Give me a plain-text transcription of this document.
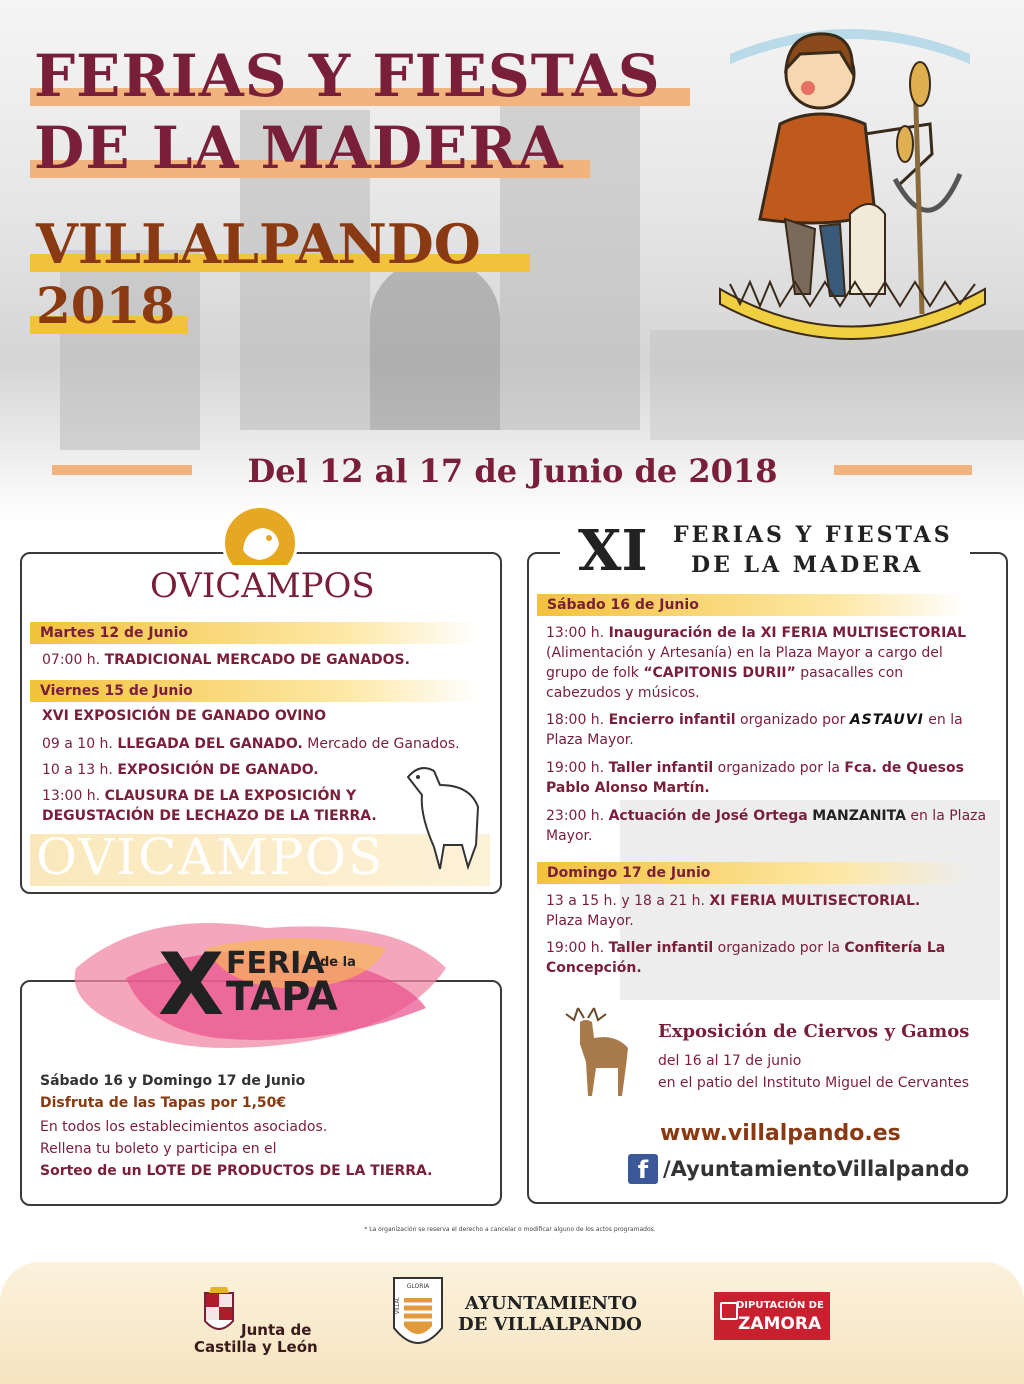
FERIAS Y FIESTAS
DE LA MADERA
VILLALPANDO
2018
Del 12 al 17 de Junio de 2018
OVICAMPOS
Martes 12 de Junio
07:00 h. TRADICIONAL MERCADO DE GANADOS.
Viernes 15 de Junio
XVI EXPOSICIÓN DE GANADO OVINO
09 a 10 h. LLEGADA DEL GANADO. Mercado de Ganados.
10 a 13 h. EXPOSICIÓN DE GANADO.
13:00 h. CLAUSURA DE LA EXPOSICIÓN Y
DEGUSTACIÓN DE LECHAZO DE LA TIERRA.
OVICAMPOS
X FERIA
de la
TAPA
Sábado 16 y Domingo 17 de Junio
Disfruta de las Tapas por 1,50€
En todos los establecimientos asociados.
Rellena tu boleto y participa en el
Sorteo de un LOTE DE PRODUCTOS DE LA TIERRA.
XI FERIAS Y FIESTAS
DE LA MADERA
Sábado 16 de Junio
13:00 h. Inauguración de la XI FERIA MULTISECTORIAL
(Alimentación y Artesanía) en la Plaza Mayor a cargo del
grupo de folk “CAPITONIS DURII” pasacalles con
cabezudos y músicos.
18:00 h. Encierro infantil organizado por ASTAUVI en la
Plaza Mayor.
19:00 h. Taller infantil organizado por la Fca. de Quesos
Pablo Alonso Martín.
23:00 h. Actuación de José Ortega MANZANITA en la Plaza
Mayor.
Domingo 17 de Junio
13 a 15 h. y 18 a 21 h. XI FERIA MULTISECTORIAL.
Plaza Mayor.
19:00 h. Taller infantil organizado por la Confitería La
Concepción.
Exposición de Ciervos y Gamos
del 16 al 17 de junio
en el patio del Instituto Miguel de Cervantes
www.villalpando.es
f /AyuntamientoVillalpando
* La organización se reserva el derecho a cancelar o modificar alguno de los actos programados.
Junta de
Castilla y León
GLORIA
VILLAL	AYUNTAMIENTO
DE VILLALPANDO
DIPUTACIÓN DE
ZAMORA
